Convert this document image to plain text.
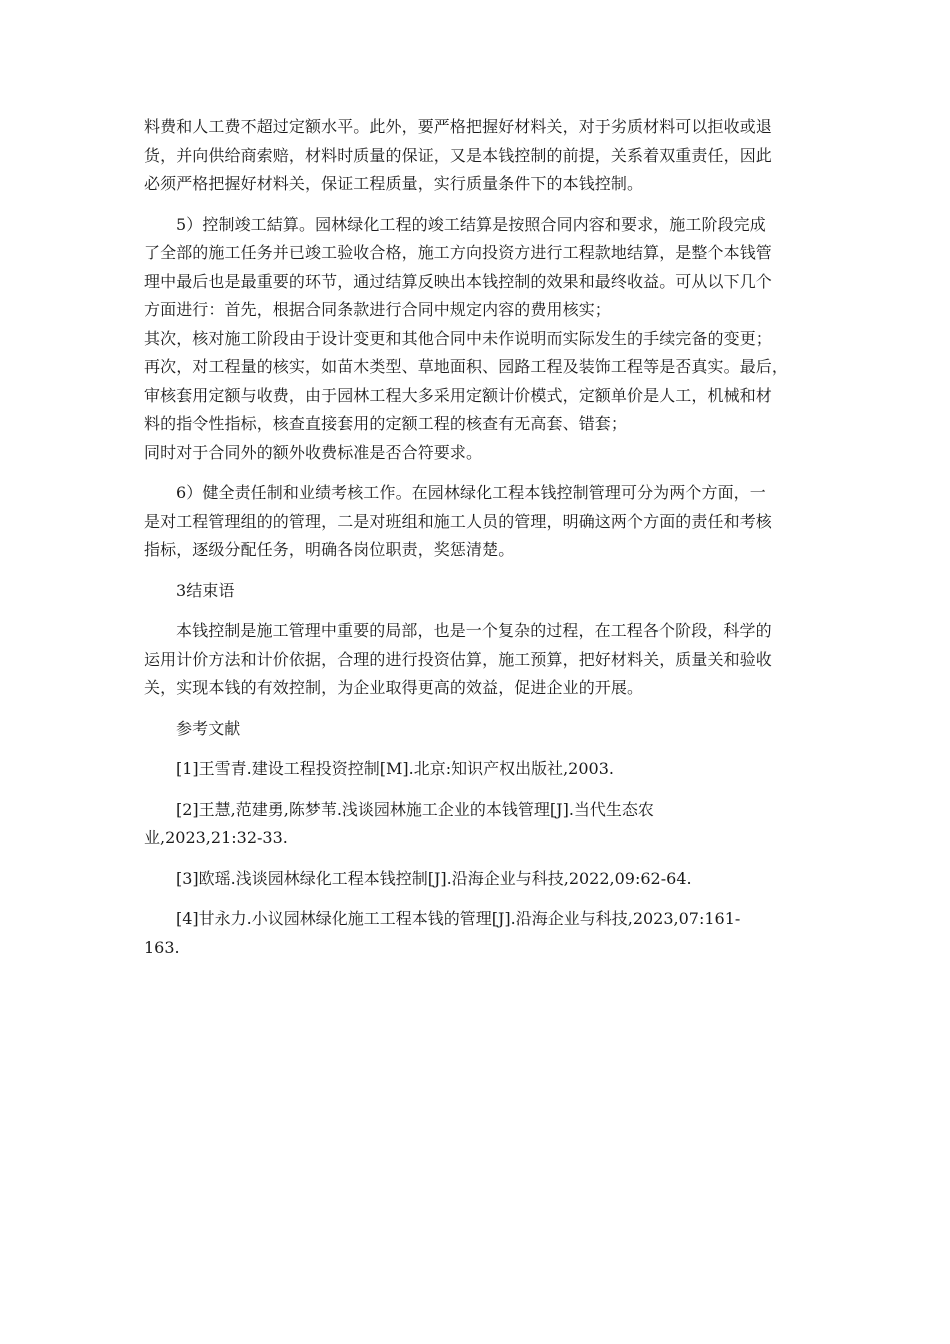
料费和人工费不超过定额水平。此外，要严格把握好材料关，对于劣质材料可以拒收或退
货，并向供给商索赔，材料时质量的保证，又是本钱控制的前提，关系着双重责任，因此
必须严格把握好材料关，保证工程质量，实行质量条件下的本钱控制。
5）控制竣工結算。园林绿化工程的竣工结算是按照合同内容和要求，施工阶段完成
了全部的施工任务并已竣工验收合格，施工方向投资方进行工程款地结算，是整个本钱管
理中最后也是最重要的环节，通过结算反映出本钱控制的效果和最终收益。可从以下几个
方面进行：首先，根据合同条款进行合同中规定内容的费用核实；
其次，核对施工阶段由于设计变更和其他合同中未作说明而实际发生的手续完备的变更；
再次，对工程量的核实，如苗木类型、草地面积、园路工程及装饰工程等是否真实。最后，
审核套用定额与收费，由于园林工程大多采用定额计价模式，定额单价是人工，机械和材
料的指令性指标，核查直接套用的定额工程的核查有无高套、错套；
同时对于合同外的额外收费标准是否合符要求。
6）健全责任制和业绩考核工作。在园林绿化工程本钱控制管理可分为两个方面，一
是对工程管理组的的管理，二是对班组和施工人员的管理，明确这两个方面的责任和考核
指标，逐级分配任务，明确各岗位职责，奖惩清楚。
3结束语
本钱控制是施工管理中重要的局部，也是一个复杂的过程，在工程各个阶段，科学的
运用计价方法和计价依据，合理的进行投资估算，施工预算，把好材料关，质量关和验收
关，实现本钱的有效控制，为企业取得更高的效益，促进企业的开展。
参考文献
[1]王雪青.建设工程投资控制[M].北京:知识产权出版社,2003.
[2]王慧,范建勇,陈梦苇.浅谈园林施工企业的本钱管理[J].当代生态农
业,2023,21:32-33.
[3]欧瑶.浅谈园林绿化工程本钱控制[J].沿海企业与科技,2022,09:62-64.
[4]甘永力.小议园林绿化施工工程本钱的管理[J].沿海企业与科技,2023,07:161-
163.
